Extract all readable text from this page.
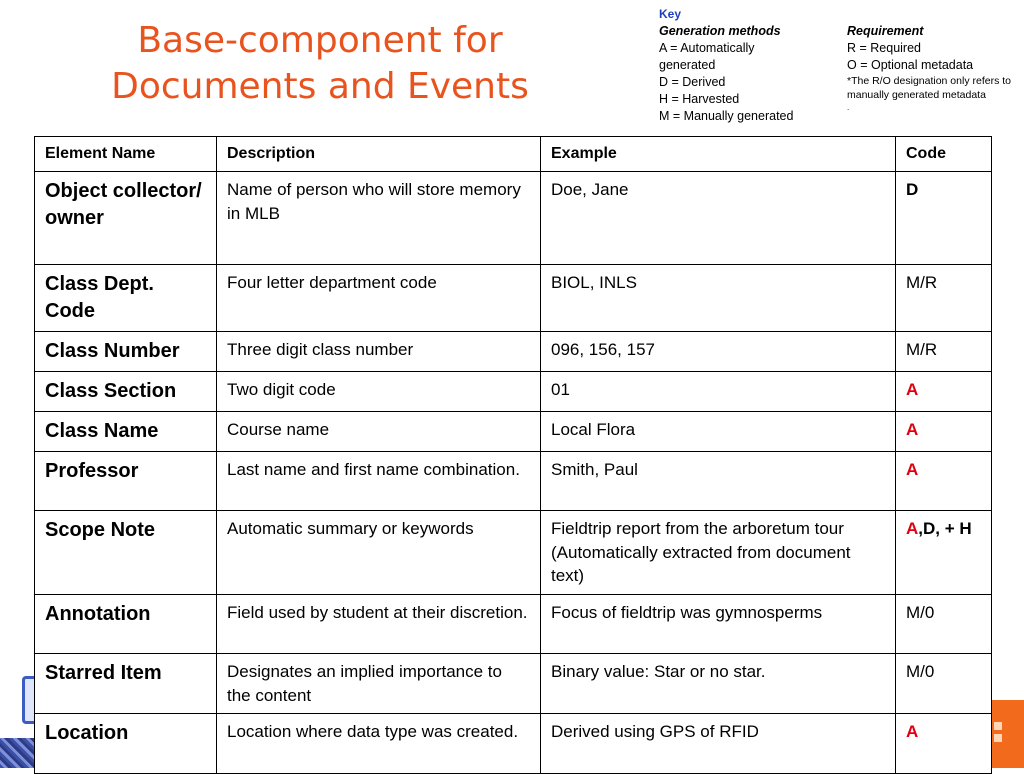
Base-component for
Documents and Events
Key
Generation methods
A = Automatically generated
D = Derived
H = Harvested
M = Manually generated
Requirement
R = Required
O = Optional metadata
*The R/O designation only refers to manually generated metadata
.
Element Name	Description	Example	Code
Object collector/ owner	Name of person who will store memory in MLB	Doe, Jane	D
Class Dept. Code	Four letter department code	BIOL, INLS	M/R
Class Number	Three digit class number	096, 156, 157	M/R
Class Section	Two digit code	01	A
Class Name	Course name	Local Flora	A
Professor	Last name and first name combination.	Smith, Paul	A
Scope Note	Automatic summary or keywords	Fieldtrip report from the arboretum tour (Automatically extracted from document text)	A,D, + H
Annotation	Field used by student at their discretion.	Focus of fieldtrip was gymnosperms	M/0
Starred Item	Designates an implied importance to the content	Binary value: Star or no star.	M/0
Location	Location where data type was created.	Derived using GPS of RFID	A
